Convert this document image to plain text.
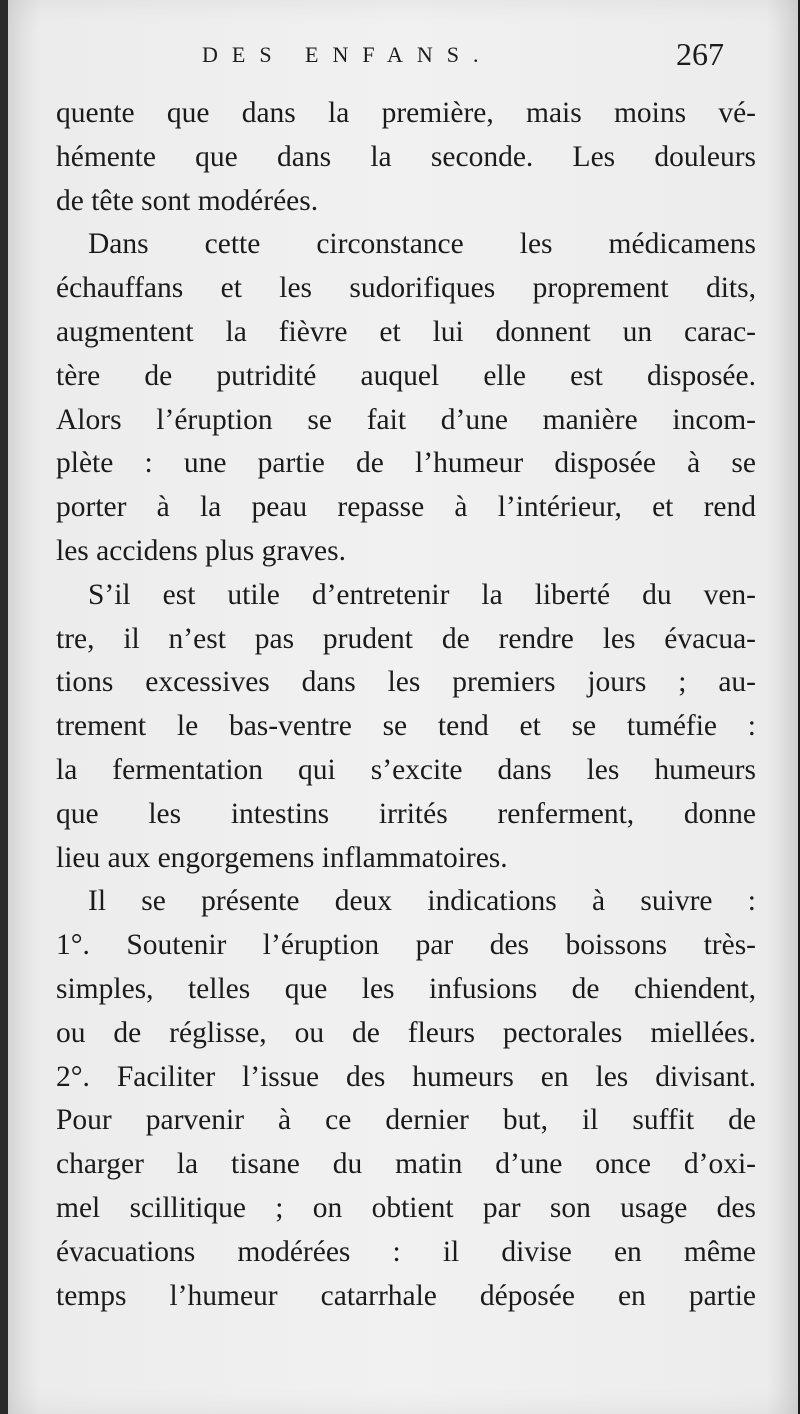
DES ENFANS.	267
quente que dans la première, mais moins vé-
hémente que dans la seconde. Les douleurs
de tête sont modérées.
Dans cette circonstance les médicamens
échauffans et les sudorifiques proprement dits,
augmentent la fièvre et lui donnent un carac-
tère de putridité auquel elle est disposée.
Alors l’éruption se fait d’une manière incom-
plète : une partie de l’humeur disposée à se
porter à la peau repasse à l’intérieur, et rend
les accidens plus graves.
S’il est utile d’entretenir la liberté du ven-
tre, il n’est pas prudent de rendre les évacua-
tions excessives dans les premiers jours ; au-
trement le bas-ventre se tend et se tuméfie :
la fermentation qui s’excite dans les humeurs
que les intestins irrités renferment, donne
lieu aux engorgemens inflammatoires.
Il se présente deux indications à suivre :
1°. Soutenir l’éruption par des boissons très-
simples, telles que les infusions de chiendent,
ou de réglisse, ou de fleurs pectorales miellées.
2°. Faciliter l’issue des humeurs en les divisant.
Pour parvenir à ce dernier but, il suffit de
charger la tisane du matin d’une once d’oxi-
mel scillitique ; on obtient par son usage des
évacuations modérées : il divise en même
temps l’humeur catarrhale déposée en partie
